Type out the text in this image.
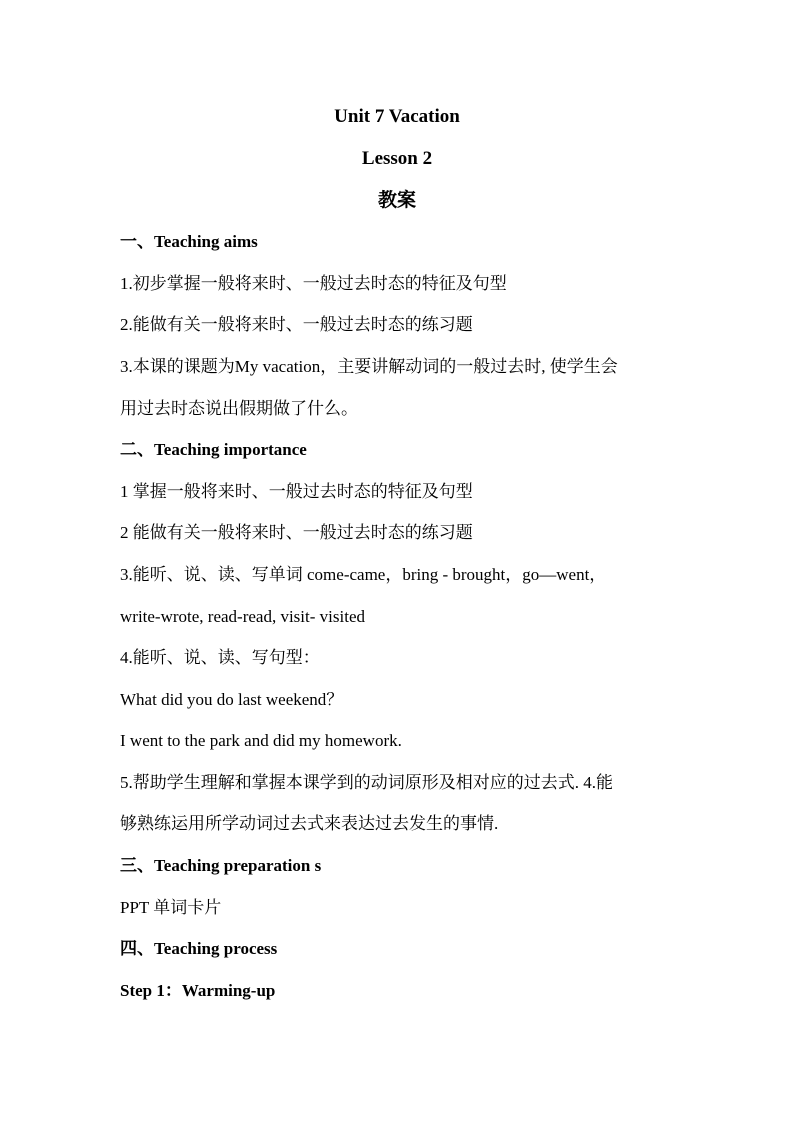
Unit 7 Vacation
Lesson 2
教案
一、Teaching aims
1.初步掌握一般将来时、一般过去时态的特征及句型
2.能做有关一般将来时、一般过去时态的练习题
3.本课的课题为My vacation，主要讲解动词的一般过去时, 使学生会
用过去时态说出假期做了什么。
二、Teaching importance
1 掌握一般将来时、一般过去时态的特征及句型
2 能做有关一般将来时、一般过去时态的练习题
3.能听、说、读、写单词 come-came，bring - brought，go—went，
write-wrote, read-read, visit- visited
4.能听、说、读、写句型：
What did you do last weekend？
I went to the park and did my homework.
5.帮助学生理解和掌握本课学到的动词原形及相对应的过去式. 4.能
够熟练运用所学动词过去式来表达过去发生的事情.
三、Teaching preparation s
PPT 单词卡片
四、Teaching process
Step 1：Warming-up
